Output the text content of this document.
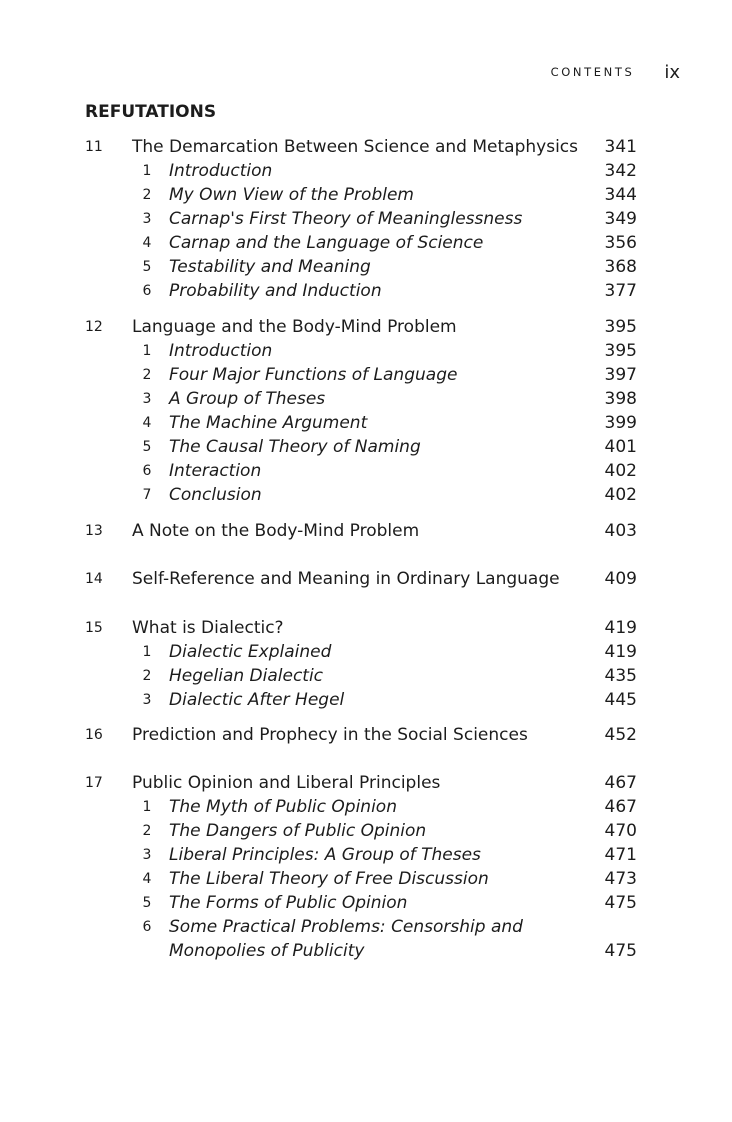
CONTENTS ix
REFUTATIONS
11 The Demarcation Between Science and Metaphysics 341
1 Introduction	342
2 My Own View of the Problem	344
3 Carnap's First Theory of Meaninglessness	349
4 Carnap and the Language of Science	356
5 Testability and Meaning	368
6 Probability and Induction	377
12 Language and the Body-Mind Problem	395
1 Introduction	395
2 Four Major Functions of Language	397
3 A Group of Theses	398
4 The Machine Argument	399
5 The Causal Theory of Naming	401
6 Interaction	402
7 Conclusion	402
13 A Note on the Body-Mind Problem	403
14 Self-Reference and Meaning in Ordinary Language	409
15 What is Dialectic?	419
1 Dialectic Explained	419
2 Hegelian Dialectic	435
3 Dialectic After Hegel	445
16 Prediction and Prophecy in the Social Sciences	452
17 Public Opinion and Liberal Principles	467
1 The Myth of Public Opinion	467
2 The Dangers of Public Opinion	470
3 Liberal Principles: A Group of Theses	471
4 The Liberal Theory of Free Discussion	473
5 The Forms of Public Opinion	475
6 Some Practical Problems: Censorship and
Monopolies of Publicity	475
